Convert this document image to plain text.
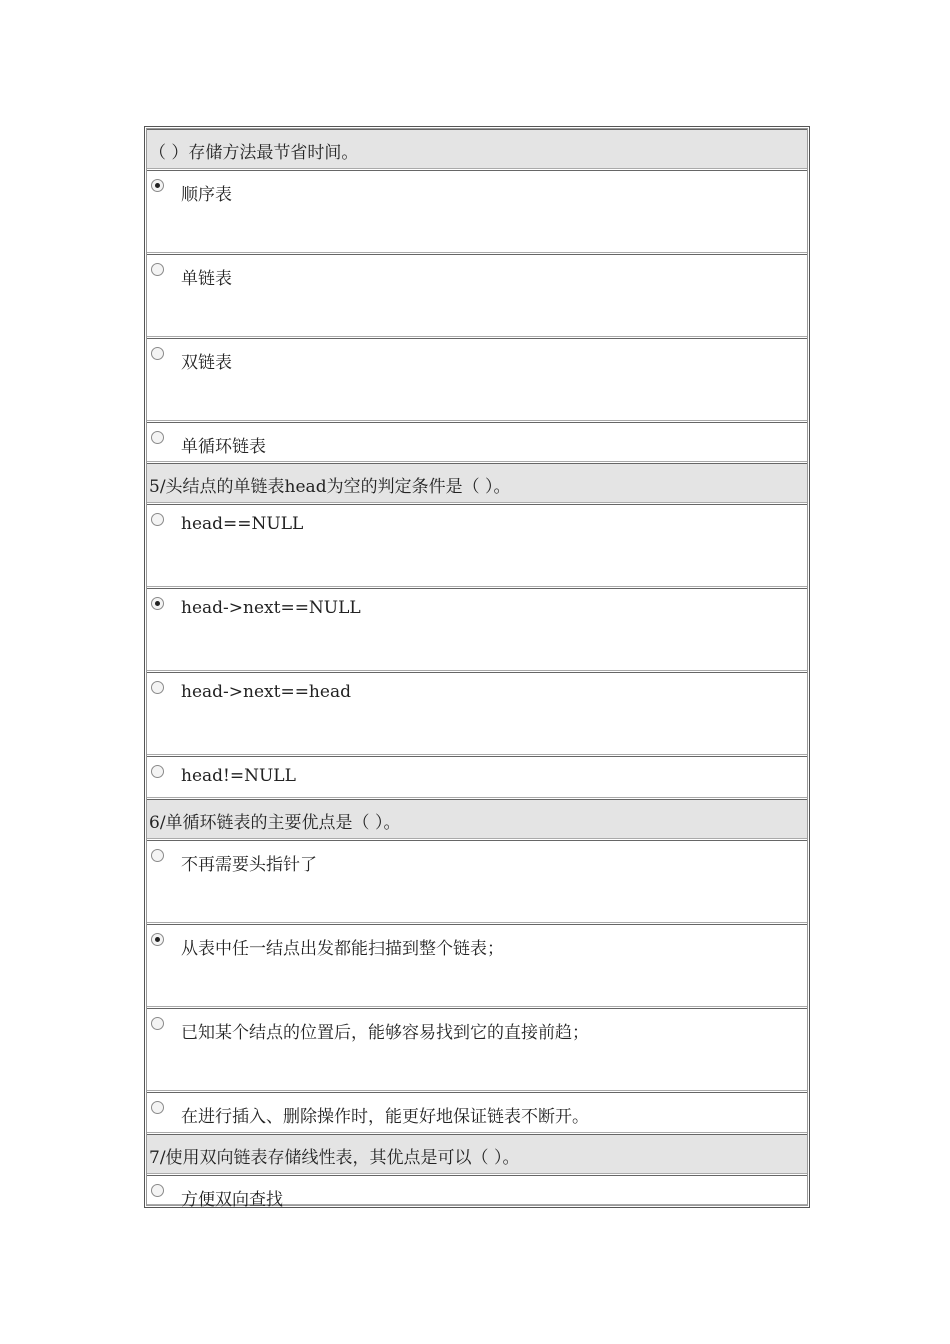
（ ）存储方法最节省时间。
顺序表
单链表
双链表
单循环链表
5/头结点的单链表head为空的判定条件是（ ）。
head==NULL
head->next==NULL
head->next==head
head!=NULL
6/单循环链表的主要优点是（ ）。
不再需要头指针了
从表中任一结点出发都能扫描到整个链表；
已知某个结点的位置后，能够容易找到它的直接前趋；
在进行插入、删除操作时，能更好地保证链表不断开。
7/使用双向链表存储线性表，其优点是可以（ ）。
方便双向查找
